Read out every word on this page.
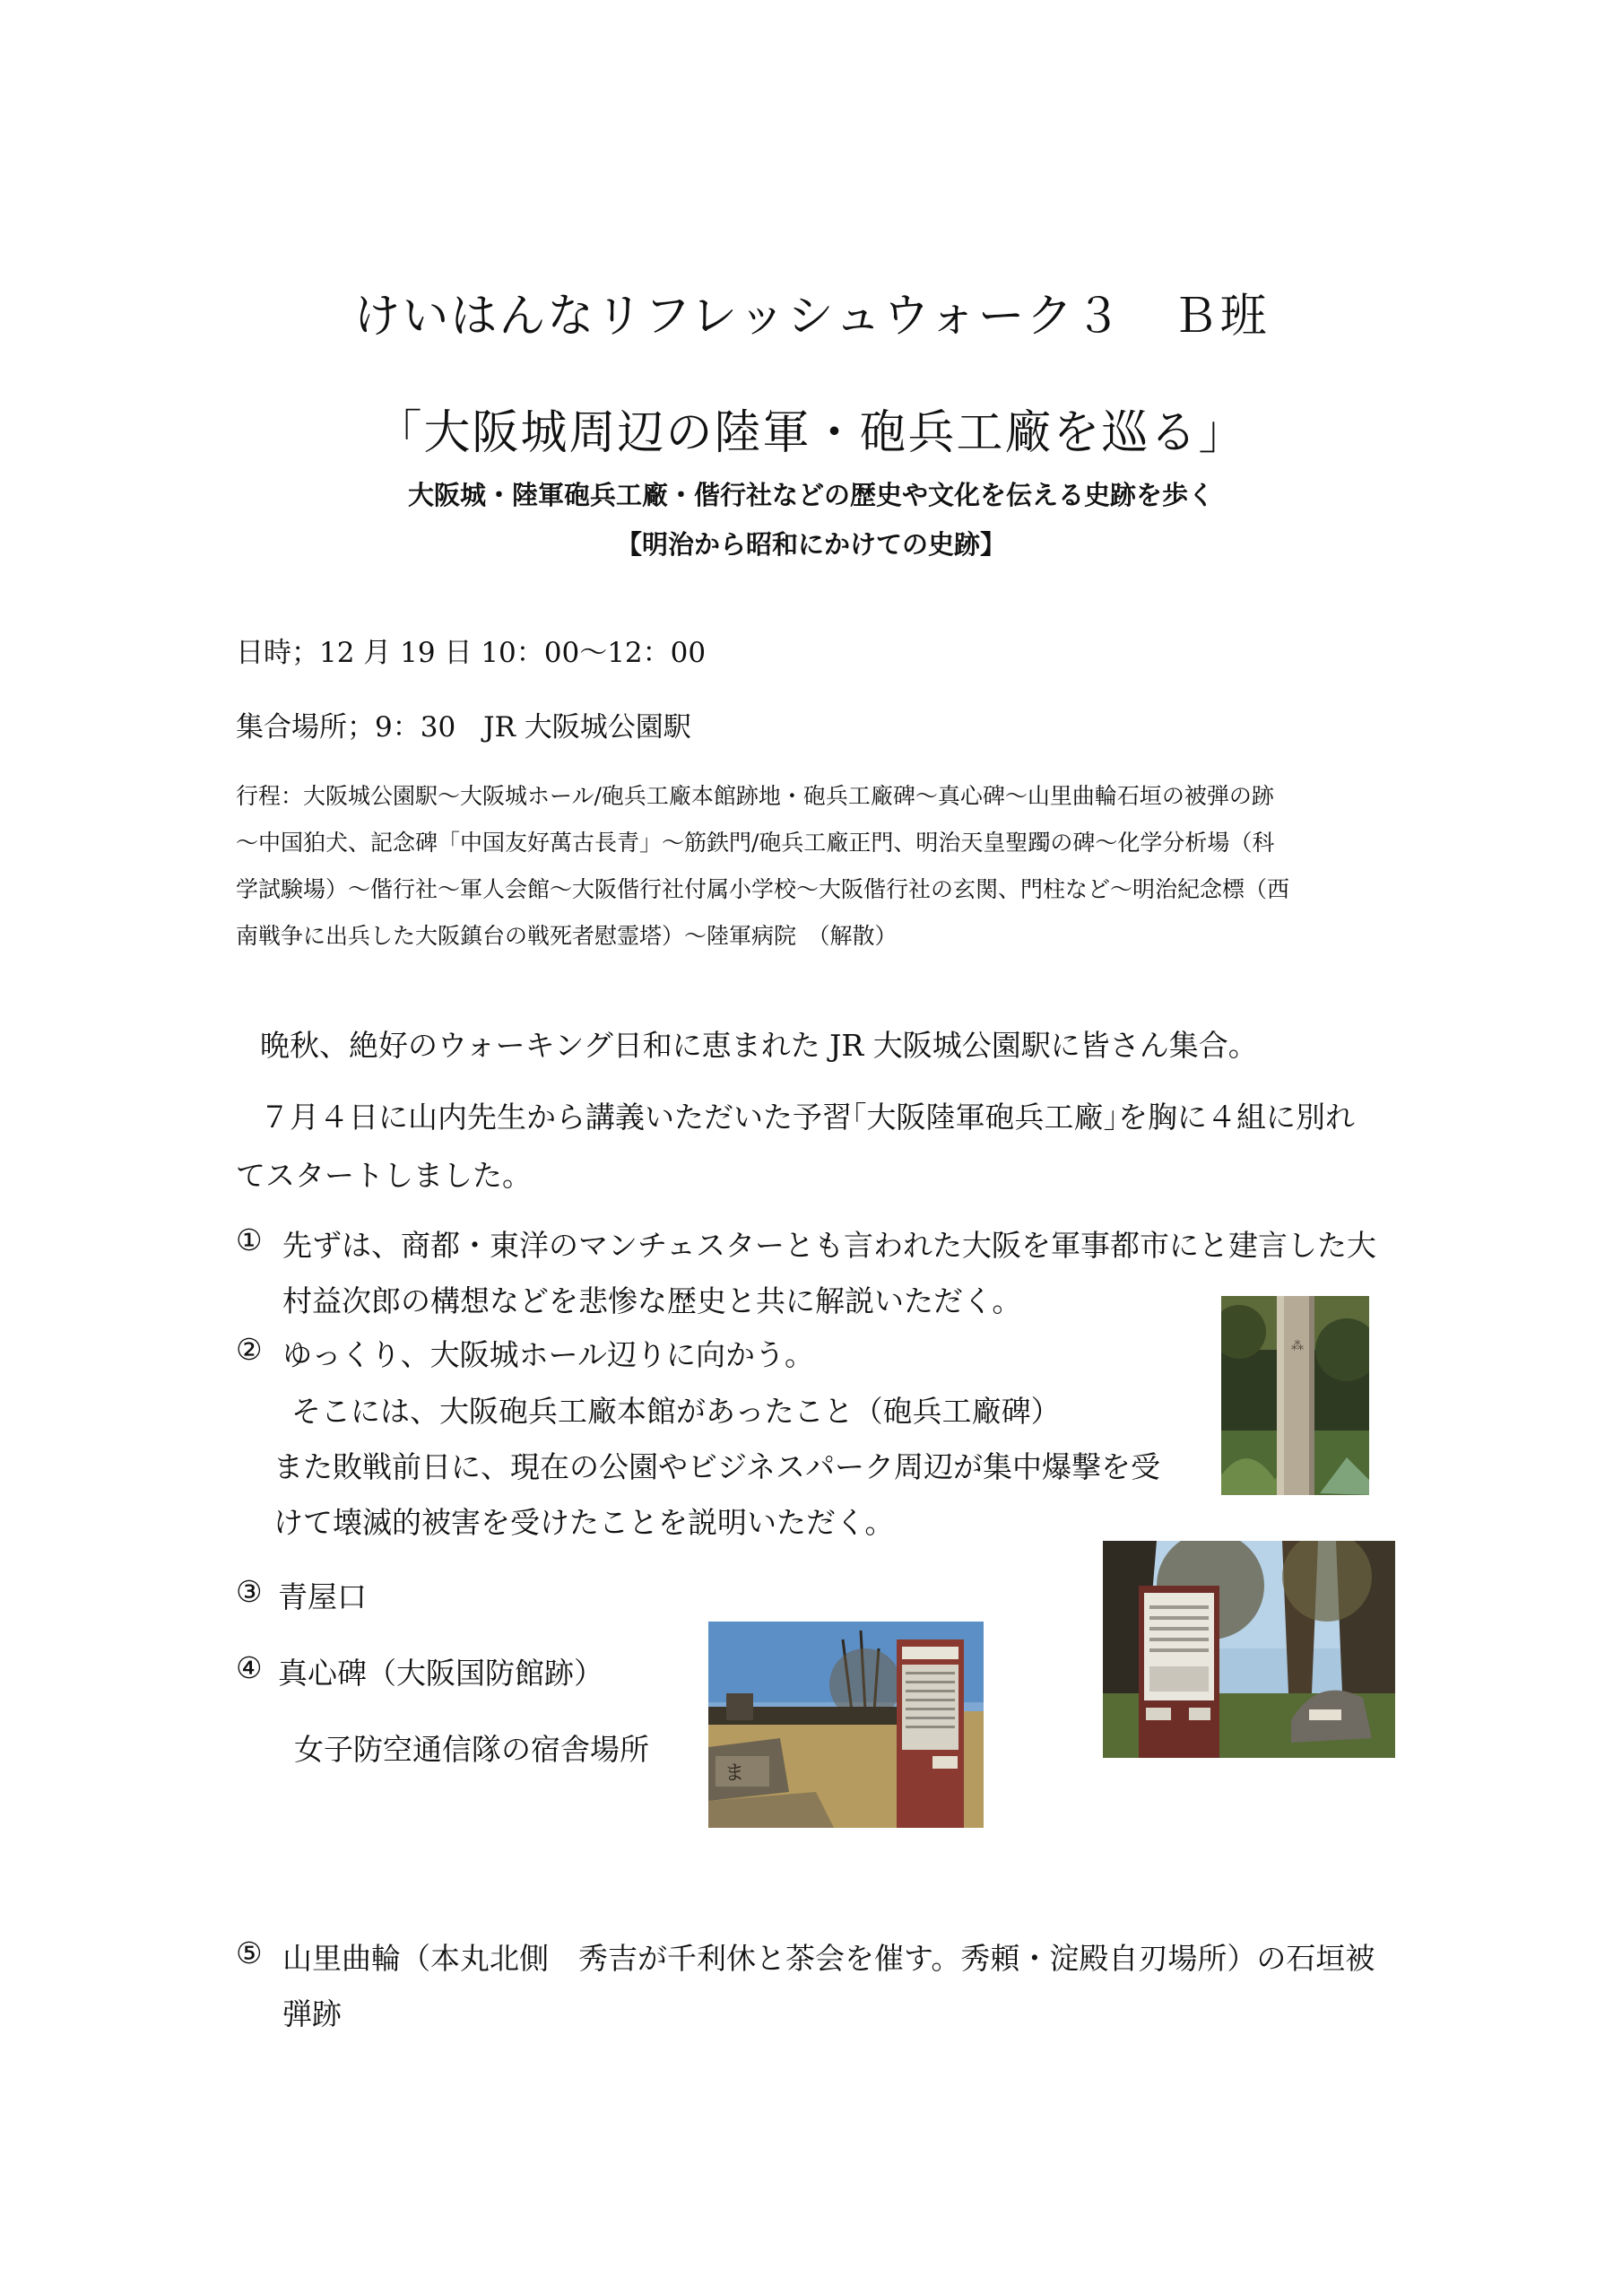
けいはんなリフレッシュウォーク３　Ｂ班
「大阪城周辺の陸軍・砲兵工廠を巡る」
大阪城・陸軍砲兵工廠・偕行社などの歴史や文化を伝える史跡を歩く
【明治から昭和にかけての史跡】
日時；12 月 19 日 10：00〜12：00
集合場所；9：30　JR 大阪城公園駅
行程：大阪城公園駅〜大阪城ホール/砲兵工廠本館跡地・砲兵工廠碑〜真心碑〜山里曲輪石垣の被弾の跡
〜中国狛犬、記念碑「中国友好萬古長青」〜筋鉄門/砲兵工廠正門、明治天皇聖躅の碑〜化学分析場（科
学試験場）〜偕行社〜軍人会館〜大阪偕行社付属小学校〜大阪偕行社の玄関、門柱など〜明治紀念標（西
南戦争に出兵した大阪鎮台の戦死者慰霊塔）〜陸軍病院　（解散）
晩秋、絶好のウォーキング日和に恵まれた JR 大阪城公園駅に皆さん集合。
７月４日に山内先生から講義いただいた予習｢大阪陸軍砲兵工廠｣を胸に４組に別れ
てスタートしました。
① 先ずは、商都・東洋のマンチェスターとも言われた大阪を軍事都市にと建言した大
村益次郎の構想などを悲惨な歴史と共に解説いただく。
② ゆっくり、大阪城ホール辺りに向かう。
そこには、大阪砲兵工廠本館があったこと（砲兵工廠碑）
また敗戦前日に、現在の公園やビジネスパーク周辺が集中爆撃を受
けて壊滅的被害を受けたことを説明いただく。
③ 青屋口
④ 真心碑（大阪国防館跡）
女子防空通信隊の宿舎場所
⑤ 山里曲輪（本丸北側　秀吉が千利休と茶会を催す。秀頼・淀殿自刃場所）の石垣被
弾跡
⁂
ま
